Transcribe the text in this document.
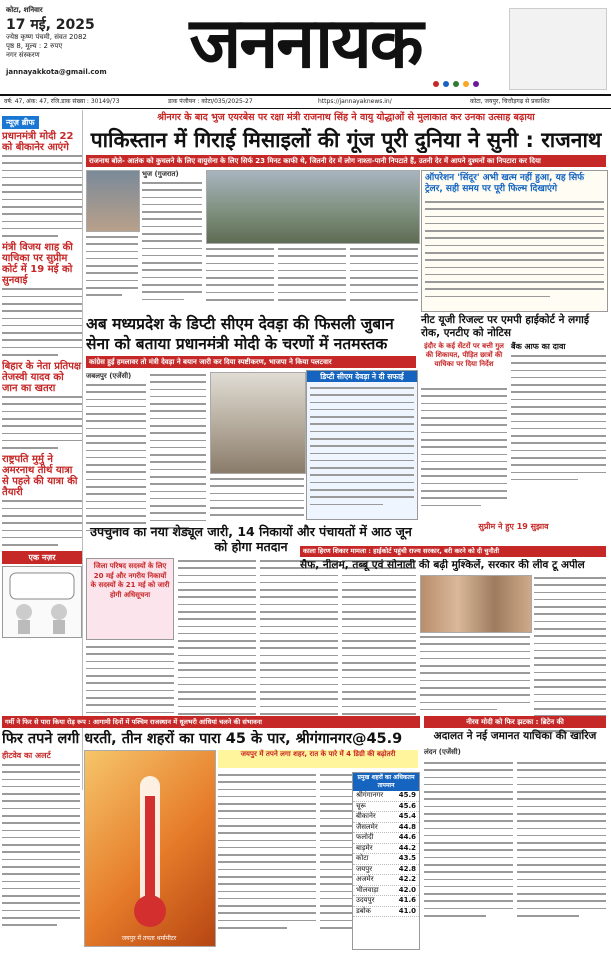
कोटा, शनिवार
17 मई, 2025
ज्येष्ठ कृष्ण पंचमी, संवत 2082
पृष्ठ 8, मूल्य : 2 रुपए
नगर संस्करण
jannayakkota@gmail.com	जननायक
वर्ष: 47, अंक: 47, रजि.डाक संख्या : 30149/73	डाक पंजीयन : कोटा/035/2025-27	https://jannayaknews.in/	कोटा, जयपुर, चित्तौड़गढ़ से प्रकाशित
न्यूज़ ब्रीफ
प्रधानमंत्री मोदी 22 को बीकानेर आएंगे
मंत्री विजय शाह की याचिका पर सुप्रीम कोर्ट में 19 मई को सुनवाई
बिहार के नेता प्रतिपक्ष तेजस्वी यादव को जान का खतरा
राष्ट्रपति मुर्मु ने अमरनाथ तीर्थ यात्रा से पहले की यात्रा की तैयारी
एक नज़र
श्रीनगर के बाद भुज एयरबेस पर रक्षा मंत्री राजनाथ सिंह ने वायु योद्धाओं से मुलाकात कर उनका उत्साह बढ़ाया
पाकिस्तान में गिराई मिसाइलों की गूंज पूरी दुनिया ने सुनी : राजनाथ
राजनाथ बोले- आतंक को कुचलने के लिए वायुसेना के लिए सिर्फ 23 मिनट काफी थे, जितनी देर में लोग नाश्ता-पानी निपटाते हैं, उतनी देर में आपने दुश्मनों का निपटारा कर दिया
भुज (गुजरात)	ऑपरेशन 'सिंदूर' अभी खत्म नहीं हुआ, यह सिर्फ ट्रेलर, सही समय पर पूरी फिल्म दिखाएंगे
अब मध्यप्रदेश के डिप्टी सीएम देवड़ा की फिसली जुबान
सेना को बताया प्रधानमंत्री मोदी के चरणों में नतमस्तक
कांग्रेस हुई हमलावर तो मंत्री देवड़ा ने बयान जारी कर दिया स्पष्टीकरण, भाजपा ने किया पलटवार
जबलपुर (एजेंसी)	डिप्टी सीएम देवड़ा ने दी सफाई
नीट यूजी रिजल्ट पर एमपी हाईकोर्ट ने लगाई रोक, एनटीए को नोटिस
इंदौर के कई सेंटरों पर बत्ती गुल की शिकायत, पीड़ित छात्रों की याचिका पर दिया निर्देश
बैंक आफ का दावा
सुप्रीम ने हुए 19 सुझाव
उपचुनाव का नया शेड्यूल जारी, 14 निकायों और पंचायतों में आठ जून को होगा मतदान
जिला परिषद सदस्यों के लिए 20 मई और नगरीय निकायों के सदस्यों के 21 मई को जारी होगी अधिसूचना
काला हिरण शिकार मामला : हाईकोर्ट पहुंची राज्य सरकार, बरी करने को दी चुनौती
सैफ, नीलम, तब्बू एवं सोनाली की बढ़ी मुश्किलें, सरकार की लीव टू अपील
गर्मी ने फिर से पारा किया रोड़ रूप : आगामी दिनों में पश्चिम राजस्थान में धूलभरी आंधियां चलने की संभावना
फिर तपने लगी धरती, तीन शहरों का पारा 45 के पार, श्रीगंगानगर@45.9
हीटवेव का अलर्ट
जयपुर में तपता थर्मामीटर
जयपुर में तपने लगा शहर, रात के पारे में 4 डिग्री की बढ़ोतरी
नीरव मोदी को फिर झटका : ब्रिटेन की
अदालत ने नई जमानत याचिका की खारिज
लंदन (एजेंसी)
प्रमुख शहरों का अधिकतम तापमान
श्रीगंगानगर 45.9
चूरू	45.6
बीकानेर	45.4
जैसलमेर	44.8
फलोदी	44.6
बाड़मेर	44.2
कोटा	43.5
जयपुर	42.8
अजमेर	42.2
भीलवाड़ा	42.0
उदयपुर	41.6
डबोक	41.0
